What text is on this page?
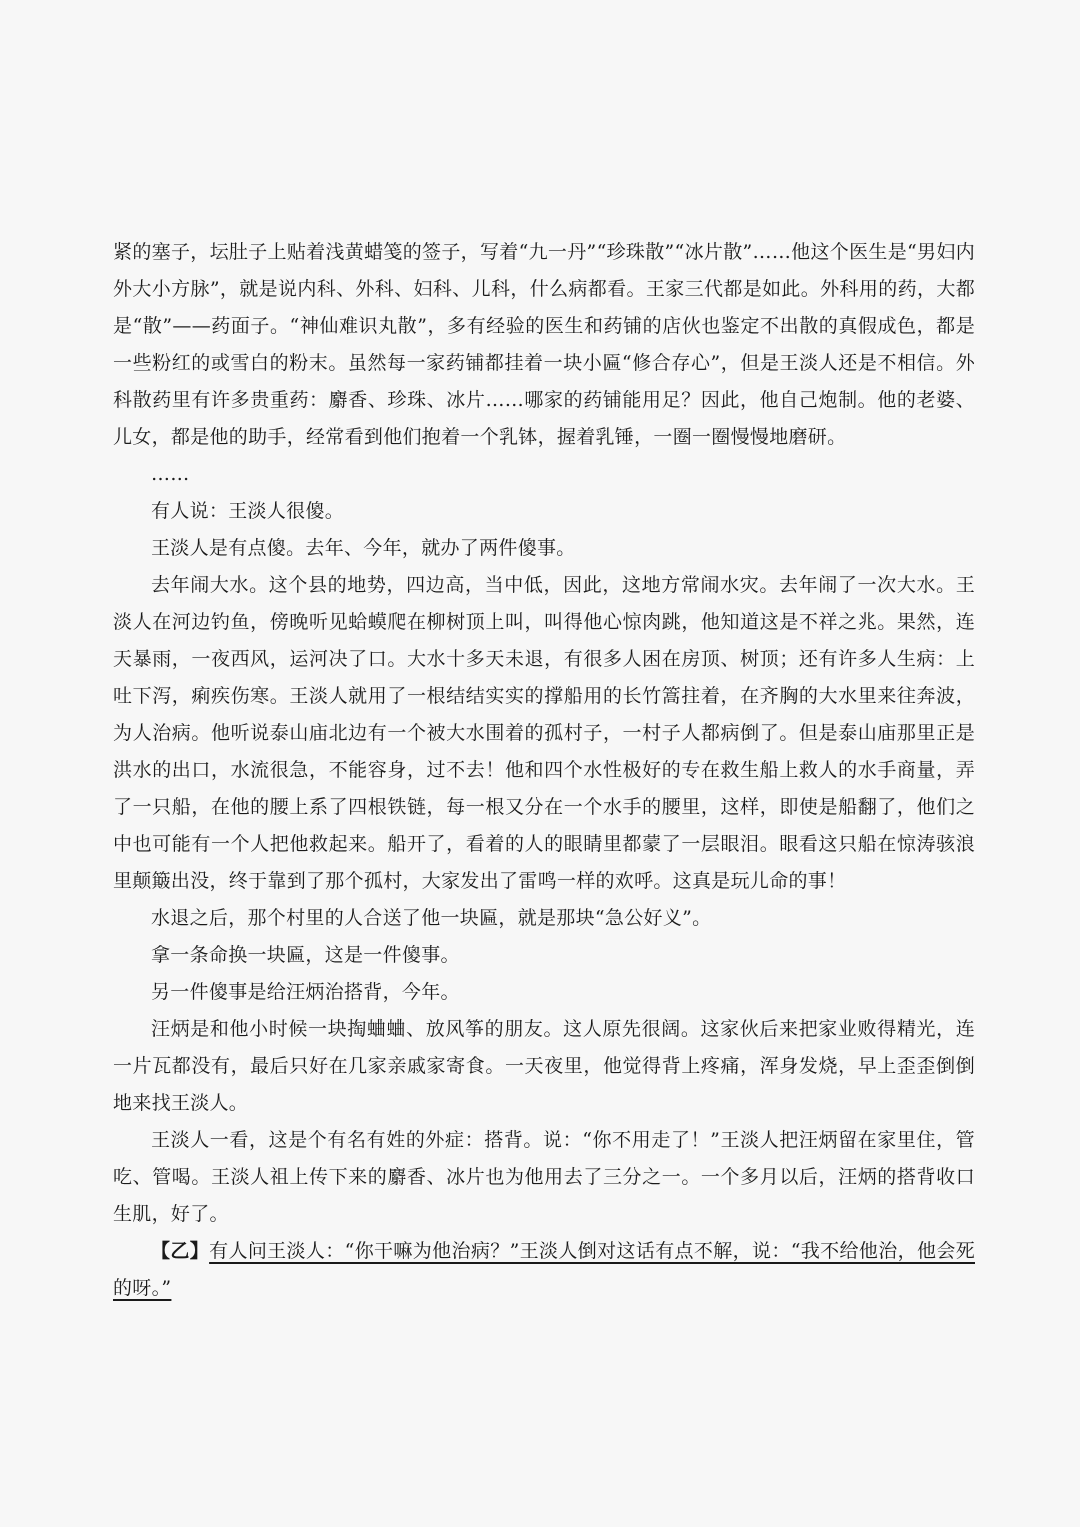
紧的塞子，坛肚子上贴着浅黄蜡笺的签子，写着“九一丹”“珍珠散”“冰片散”……他这个医生是“男妇内外大小方脉”，就是说内科、外科、妇科、儿科，什么病都看。王家三代都是如此。外科用的药，大都是“散”——药面子。“神仙难识丸散”，多有经验的医生和药铺的店伙也鉴定不出散的真假成色，都是一些粉红的或雪白的粉末。虽然每一家药铺都挂着一块小匾“修合存心”，但是王淡人还是不相信。外科散药里有许多贵重药：麝香、珍珠、冰片……哪家的药铺能用足？因此，他自己炮制。他的老婆、儿女，都是他的助手，经常看到他们抱着一个乳钵，握着乳锤，一圈一圈慢慢地磨研。

……

有人说：王淡人很傻。

王淡人是有点傻。去年、今年，就办了两件傻事。

去年闹大水。这个县的地势，四边高，当中低，因此，这地方常闹水灾。去年闹了一次大水。王淡人在河边钓鱼，傍晚听见蛤蟆爬在柳树顶上叫，叫得他心惊肉跳，他知道这是不祥之兆。果然，连天暴雨，一夜西风，运河决了口。大水十多天未退，有很多人困在房顶、树顶；还有许多人生病：上吐下泻，痢疾伤寒。王淡人就用了一根结结实实的撑船用的长竹篙拄着，在齐胸的大水里来往奔波，为人治病。他听说泰山庙北边有一个被大水围着的孤村子，一村子人都病倒了。但是泰山庙那里正是洪水的出口，水流很急，不能容身，过不去！他和四个水性极好的专在救生船上救人的水手商量，弄了一只船，在他的腰上系了四根铁链，每一根又分在一个水手的腰里，这样，即使是船翻了，他们之中也可能有一个人把他救起来。船开了，看着的人的眼睛里都蒙了一层眼泪。眼看这只船在惊涛骇浪里颠簸出没，终于靠到了那个孤村，大家发出了雷鸣一样的欢呼。这真是玩儿命的事！

水退之后，那个村里的人合送了他一块匾，就是那块“急公好义”。

拿一条命换一块匾，这是一件傻事。

另一件傻事是给汪炳治搭背，今年。

汪炳是和他小时候一块掏蛐蛐、放风筝的朋友。这人原先很阔。这家伙后来把家业败得精光，连一片瓦都没有，最后只好在几家亲戚家寄食。一天夜里，他觉得背上疼痛，浑身发烧，早上歪歪倒倒地来找王淡人。

王淡人一看，这是个有名有姓的外症：搭背。说：“你不用走了！”王淡人把汪炳留在家里住，管吃、管喝。王淡人祖上传下来的麝香、冰片也为他用去了三分之一。一个多月以后，汪炳的搭背收口生肌，好了。

【乙】有人问王淡人：“你干嘛为他治病？”王淡人倒对这话有点不解，说：“我不给他治，他会死的呀。”
